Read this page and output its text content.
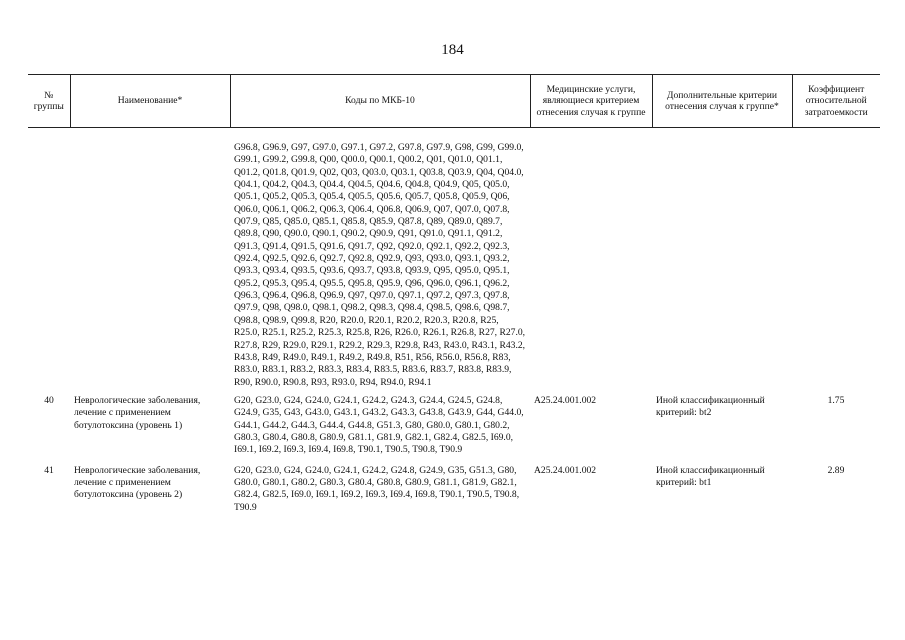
184
№
группы	Наименование*	Коды по МКБ-10	Медицинские услуги, являющиеся критерием отнесения случая к группе	Дополнительные критерии отнесения случая к группе*	Коэффициент относительной затратоемкости

		G96.8, G96.9, G97, G97.0, G97.1, G97.2, G97.8, G97.9, G98, G99, G99.0, G99.1, G99.2, G99.8, Q00, Q00.0, Q00.1, Q00.2, Q01, Q01.0, Q01.1, Q01.2, Q01.8, Q01.9, Q02, Q03, Q03.0, Q03.1, Q03.8, Q03.9, Q04, Q04.0, Q04.1, Q04.2, Q04.3, Q04.4, Q04.5, Q04.6, Q04.8, Q04.9, Q05, Q05.0, Q05.1, Q05.2, Q05.3, Q05.4, Q05.5, Q05.6, Q05.7, Q05.8, Q05.9, Q06, Q06.0, Q06.1, Q06.2, Q06.3, Q06.4, Q06.8, Q06.9, Q07, Q07.0, Q07.8, Q07.9, Q85, Q85.0, Q85.1, Q85.8, Q85.9, Q87.8, Q89, Q89.0, Q89.7, Q89.8, Q90, Q90.0, Q90.1, Q90.2, Q90.9, Q91, Q91.0, Q91.1, Q91.2, Q91.3, Q91.4, Q91.5, Q91.6, Q91.7, Q92, Q92.0, Q92.1, Q92.2, Q92.3, Q92.4, Q92.5, Q92.6, Q92.7, Q92.8, Q92.9, Q93, Q93.0, Q93.1, Q93.2, Q93.3, Q93.4, Q93.5, Q93.6, Q93.7, Q93.8, Q93.9, Q95, Q95.0, Q95.1, Q95.2, Q95.3, Q95.4, Q95.5, Q95.8, Q95.9, Q96, Q96.0, Q96.1, Q96.2, Q96.3, Q96.4, Q96.8, Q96.9, Q97, Q97.0, Q97.1, Q97.2, Q97.3, Q97.8, Q97.9, Q98, Q98.0, Q98.1, Q98.2, Q98.3, Q98.4, Q98.5, Q98.6, Q98.7, Q98.8, Q98.9, Q99.8, R20, R20.0, R20.1, R20.2, R20.3, R20.8, R25, R25.0, R25.1, R25.2, R25.3, R25.8, R26, R26.0, R26.1, R26.8, R27, R27.0, R27.8, R29, R29.0, R29.1, R29.2, R29.3, R29.8, R43, R43.0, R43.1, R43.2, R43.8, R49, R49.0, R49.1, R49.2, R49.8, R51, R56, R56.0, R56.8, R83, R83.0, R83.1, R83.2, R83.3, R83.4, R83.5, R83.6, R83.7, R83.8, R83.9, R90, R90.0, R90.8, R93, R93.0, R94, R94.0, R94.1			

40	Неврологические заболевания, лечение с применением ботулотоксина (уровень 1)	G20, G23.0, G24, G24.0, G24.1, G24.2, G24.3, G24.4, G24.5, G24.8, G24.9, G35, G43, G43.0, G43.1, G43.2, G43.3, G43.8, G43.9, G44, G44.0, G44.1, G44.2, G44.3, G44.4, G44.8, G51.3, G80, G80.0, G80.1, G80.2, G80.3, G80.4, G80.8, G80.9, G81.1, G81.9, G82.1, G82.4, G82.5, I69.0, I69.1, I69.2, I69.3, I69.4, I69.8, T90.1, T90.5, T90.8, T90.9	A25.24.001.002	Иной классификационный критерий: bt2	1.75
41	Неврологические заболевания, лечение с применением ботулотоксина (уровень 2)	G20, G23.0, G24, G24.0, G24.1, G24.2, G24.8, G24.9, G35, G51.3, G80, G80.0, G80.1, G80.2, G80.3, G80.4, G80.8, G80.9, G81.1, G81.9, G82.1, G82.4, G82.5, I69.0, I69.1, I69.2, I69.3, I69.4, I69.8, T90.1, T90.5, T90.8, T90.9	A25.24.001.002	Иной классификационный критерий: bt1	2.89
